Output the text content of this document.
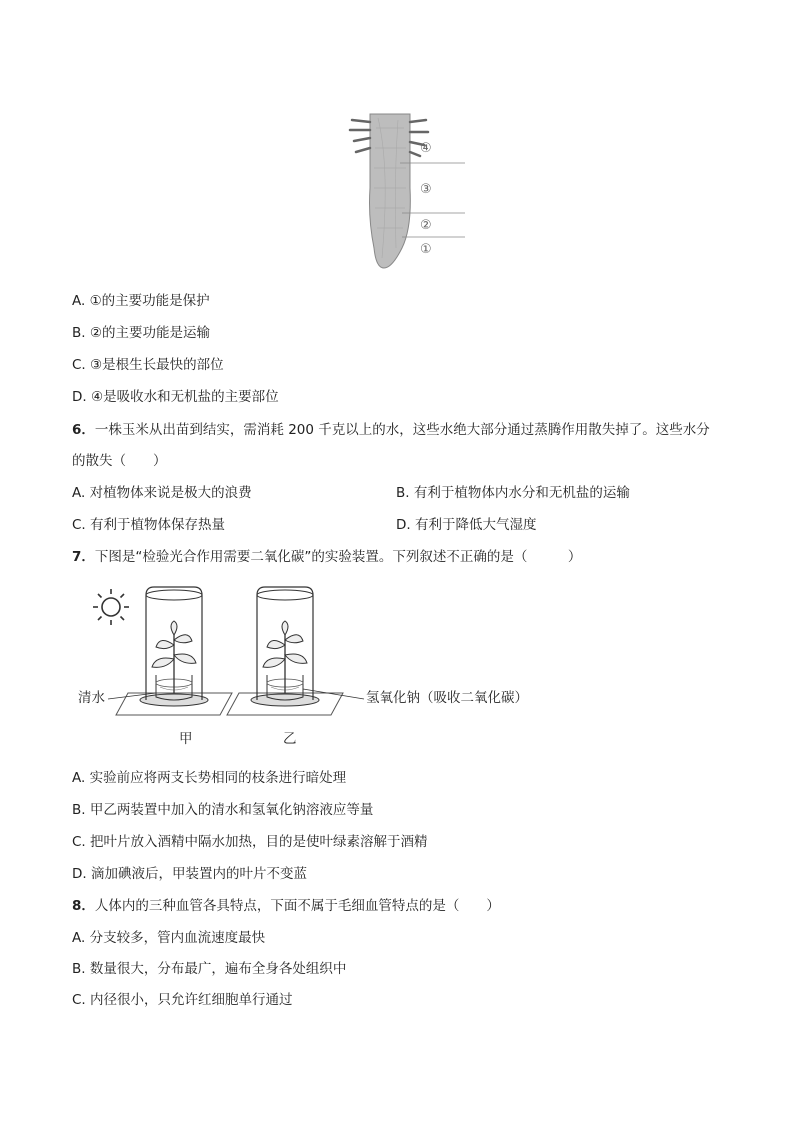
④
③
②
①
A. ①的主要功能是保护
B. ②的主要功能是运输
C. ③是根生长最快的部位
D. ④是吸收水和无机盐的主要部位
6．一株玉米从出苗到结实，需消耗 200 千克以上的水，这些水绝大部分通过蒸腾作用散失掉了。这些水分
的散失（　　）
A. 对植物体来说是极大的浪费	B. 有利于植物体内水分和无机盐的运输
C. 有利于植物体保存热量	D. 有利于降低大气湿度
7．下图是“检验光合作用需要二氧化碳”的实验装置。下列叙述不正确的是（　　　）
清水	氢氧化钠（吸收二氧化碳）
甲	乙
A. 实验前应将两支长势相同的枝条进行暗处理
B. 甲乙两装置中加入的清水和氢氧化钠溶液应等量
C. 把叶片放入酒精中隔水加热，目的是使叶绿素溶解于酒精
D. 滴加碘液后，甲装置内的叶片不变蓝
8．人体内的三种血管各具特点，下面不属于毛细血管特点的是（　　）
A. 分支较多，管内血流速度最快
B. 数量很大，分布最广，遍布全身各处组织中
C. 内径很小，只允许红细胞单行通过
